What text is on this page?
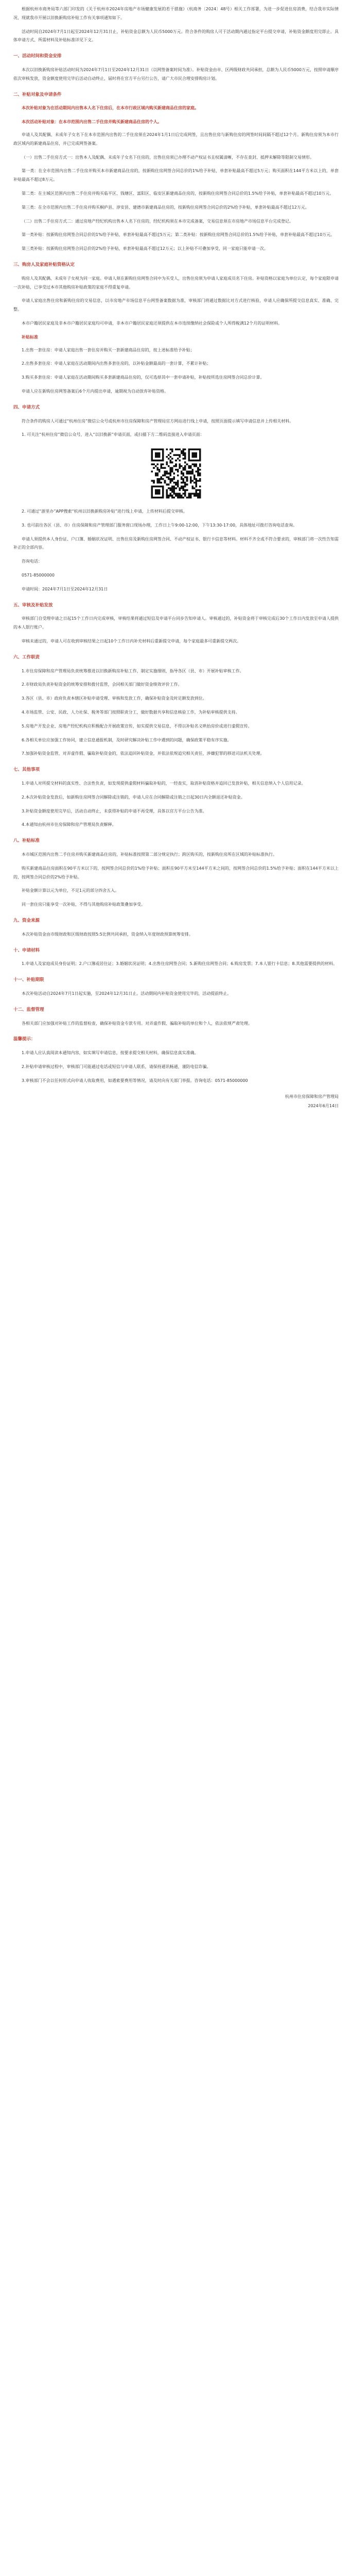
根据杭州市商务局等六部门印发的《关于杭州市2024年房地产市场健康发展的若干措施》（杭商务〔2024〕48号）相关工作部署，为进一步促进住房消费，结合我市实际情况，现就我市开展以旧换新购房补贴工作有关事项通知如下。

活动时间自2024年7月1日起至2024年12月31日止，补贴资金总额为人民币5000万元。符合条件的购房人可于活动期内通过指定平台提交申请，补贴资金额度用完即止。具体申请方式、所需材料及补贴标准详见下文。

一、活动时间和资金安排

本次以旧换新购房补贴活动时间为2024年7月1日至2024年12月31日（以网签备案时间为准）。补贴资金由市、区两级财政共同承担，总额为人民币5000万元，按照申请顺序依次审核发放，资金额度使用完毕后活动自动终止，届时将在官方平台另行公告，请广大市民合理安排购房计划。

二、补贴对象及申请条件

本次补贴对象为在活动期间内出售本人名下住房后，在本市行政区域内购买新建商品住房的家庭。

本次活动补贴对象：在本市范围内出售二手住房并购买新建商品住房的个人。

申请人及其配偶、未成年子女名下在本市范围内出售的二手住房须在2024年1月1日后完成网签，且出售住房与新购住房的网签时间间隔不超过12个月。新购住房须为本市行政区域内的新建商品住房，并已完成网签备案。

（一）出售二手住房方式一：出售本人及配偶、未成年子女名下住房的，出售住房须已办理不动产权证书且权属清晰，不存在查封、抵押未解除等限制交易情形。

第一类：在全市范围内出售二手住房并购买本市新建商品住房的，按新购住房网签合同总价的1%给予补贴，单套补贴最高不超过5万元；购买面积在144平方米以上的，单套补贴最高不超过8万元。

第二类：在主城区范围内出售二手住房并购买临平区、钱塘区、富阳区、临安区新建商品住房的，按新购住房网签合同总价的1.5%给予补贴，单套补贴最高不超过10万元。

第三类：在全市范围内出售二手住房并购买桐庐县、淳安县、建德市新建商品住房的，按新购住房网签合同总价的2%给予补贴，单套补贴最高不超过12万元。

（二）出售二手住房方式二：通过房地产经纪机构出售本人名下住房的，经纪机构须在本市完成备案，交易信息须在市房地产市场信息平台完成登记。

第一类补贴：按新购住房网签合同总价的1%给予补贴，单套补贴最高不超过5万元；第二类补贴：按新购住房网签合同总价的1.5%给予补贴，单套补贴最高不超过10万元。

第三类补贴：按新购住房网签合同总价的2%给予补贴，单套补贴最高不超过12万元；以上补贴不可叠加享受，同一家庭只能申请一次。

三、购房人及家庭补贴资格认定

购房人及其配偶、未成年子女视为同一家庭。申请人须在新购住房网签合同中为买受人，出售住房须为申请人家庭成员名下住房。补贴资格以家庭为单位认定，每个家庭限申请一次补贴，已享受过本市其他购房补贴政策的家庭不得重复申请。

申请人家庭出售住房和新购住房的交易信息，以市房地产市场信息平台网签备案数据为准，审核部门将通过数据比对方式进行核验，申请人应确保所提交信息真实、准确、完整。

本市户籍居民家庭及非本市户籍居民家庭均可申请，非本市户籍居民家庭还须提供在本市连续缴纳社会保险或个人所得税满12个月的证明材料。

补贴标准

1.出售一套住房：申请人家庭出售一套住房并购买一套新建商品住房的，按上述标准给予补贴；

2.出售多套住房：申请人家庭在活动期间内出售多套住房的，以补贴金额最高的一套计算，不累计补贴；

3.购买多套住房：申请人家庭在活动期间购买多套新建商品住房的，仅可选择其中一套申请补贴，补贴按所选住房网签合同总价计算。

申请人应在新购住房网签备案后6个月内提出申请，逾期视为自动放弃补贴资格。

四、申请方式

符合条件的购房人可通过“杭州住房”微信公众号或杭州市住房保障和房产管理局官方网站进行线上申请，按照页面提示填写申请信息并上传相关材料。

1. 可关注“杭州住房”微信公众号，进入“以旧换新”申请页面，或扫描下方二维码直接进入申请页面：

2. 可通过“浙里办”APP搜索“杭州以旧换新购房补贴”进行线上申请，上传材料后提交审核。

3. 也可前往各区（县、市）住房保障和房产管理部门服务窗口现场办理，工作日上午9:00-12:00，下午13:30-17:00，具体地址可拨打咨询电话查询。

申请人须提供本人身份证、户口簿、婚姻状况证明、出售住房及新购住房网签合同、不动产权证书、银行卡信息等材料。材料不齐全或不符合要求的，审核部门将一次性告知需补正的全部内容。

咨询电话：

0571-85000000

申请时间：2024年7月1日至2024年12月31日

五、审核及补贴发放

审核部门自受理申请之日起15个工作日内完成审核，审核结果将通过短信及申请平台同步告知申请人。审核通过的，补贴资金将于审核完成后30个工作日内发放至申请人提供的本人银行账户。

审核未通过的，申请人可在收到审核结果之日起10个工作日内补充材料后重新提交申请，每个家庭最多可重新提交两次。

六、工作职责

1.市住房保障和房产管理局负责统筹推进以旧换新购房补贴工作，制定实施细则，指导各区（县、市）开展补贴审核工作。

2.市财政局负责补贴资金的统筹安排和拨付监管，会同相关部门做好资金绩效评价工作。

3.各区（县、市）政府负责本辖区补贴申请受理、审核和发放工作，确保补贴资金及时足额发放到位。

4.市场监管、公安、民政、人力社保、税务等部门按照职责分工，做好数据共享和信息核验工作，为补贴审核提供支持。

5.房地产开发企业、房地产经纪机构应积极配合开展政策宣传，如实提供交易信息，不得以补贴名义哄抬房价或进行虚假宣传。

6.各相关单位应加强工作协同，建立信息通报机制，及时研究解决补贴工作中遇到的问题，确保政策平稳有序实施。

7.加强补贴资金监管，对弄虚作假、骗取补贴资金的，依法追回补贴资金，并依法依规追究相关责任，涉嫌犯罪的移送司法机关处理。

七、其他事项

1.申请人对所提交材料的真实性、合法性负责，如发现提供虚假材料骗取补贴的，一经查实，取消补贴资格并追回已发放补贴，相关信息纳入个人信用记录。

2.本次补贴资金发放后，如新购住房网签合同解除或注销的，申请人应在合同解除或注销之日起30日内全额退还补贴资金。

3.补贴资金额度使用完毕后，活动自动终止，未获得补贴的申请不再受理，具体以官方平台公告为准。

4.本通知由杭州市住房保障和房产管理局负责解释。

八、补贴标准

本市城区范围内出售二手住房并购买新建商品住房的，补贴标准按照第二部分规定执行；跨区购买的，按新购住房所在区域的补贴标准执行。

购买新建商品住房面积在90平方米以下的，按网签合同总价的1%给予补贴；面积在90平方米至144平方米之间的，按网签合同总价的1.5%给予补贴；面积在144平方米以上的，按网签合同总价的2%给予补贴。

补贴金额计算以元为单位，不足1元的部分四舍五入。

同一套住房只能享受一次补贴，不得与其他购房补贴政策叠加享受。

九、资金来源

本次补贴资金由市级财政和区级财政按照5:5比例共同承担，资金纳入年度财政预算统筹安排。

十、申请材料

1.申请人及家庭成员身份证明；2.户口簿或居住证；3.婚姻状况证明；4.出售住房网签合同；5.新购住房网签合同；6.购房发票；7.本人银行卡信息；8.其他需要提供的材料。

十一、补贴期限

本次补贴活动自2024年7月1日起实施，至2024年12月31日止。活动期间内补贴资金使用完毕的，活动提前终止。

十二、监督管理

各相关部门应加强对补贴工作的监督检查，确保补贴资金专款专用。对弄虚作假、骗取补贴的单位和个人，依法依规严肃处理。

温馨提示：

1.申请人应认真阅读本通知内容，如实填写申请信息，按要求提交相关材料，确保信息真实准确。

2.补贴申请审核过程中，审核部门可能通过电话或短信与申请人联系，请保持通讯畅通，谨防电信诈骗。

3.审核部门不会以任何形式向申请人收取费用，如遇索要费用等情况，请及时向有关部门举报。咨询电话：0571-85000000

杭州市住房保障和房产管理局

2024年6月14日
